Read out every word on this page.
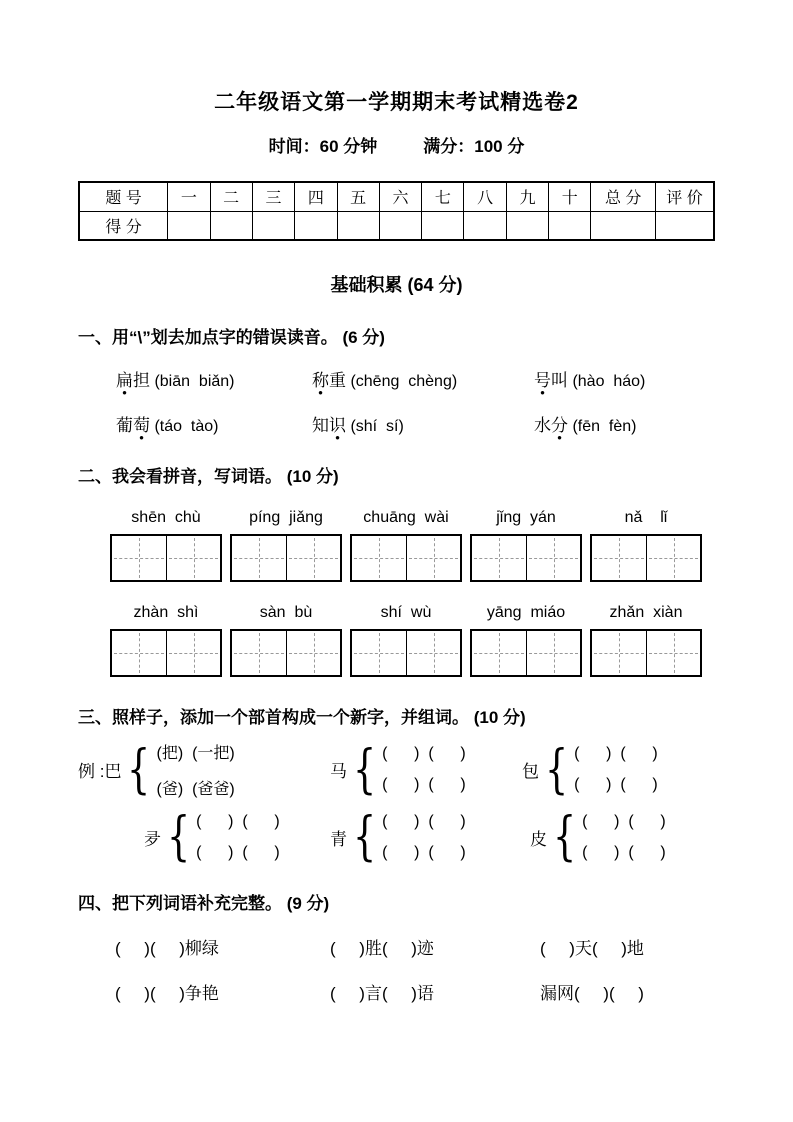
二年级语文第一学期期末考试精选卷2
时间：60 分钟	满分：100 分
题 号	一	二	三	四	五	六	七	八	九	十	总 分	评 价
得 分												
基础积累 (64 分)
一、用“\”划去加点字的错误读音。 (6 分)
扁担 (biān  biǎn)	称重 (chēng  chèng)	号叫 (hào  háo)
葡萄 (táo  tào)	知识 (shí  sí)	水分 (fēn  fèn)
二、我会看拼音，写词语。 (10 分)
shēn  chù	píng  jiǎng	chuāng  wài	jǐng  yán	nǎ    lǐ
zhàn  shì	sàn  bù	shí  wù	yāng  miáo	zhǎn  xiàn
三、照样子，添加一个部首构成一个新字，并组词。 (10 分)
例 :巴 { (把)  (一把)
(爸)  (爸爸)
马 { (      )  (      )
(      )  (      )
包 { (      )  (      )
(      )  (      )
夛 { (      )  (      )
(      )  (      )
青 { (      )  (      )
(      )  (      )
皮 { (      )  (      )
(      )  (      )
四、把下列词语补充完整。 (9 分)
(     )(     )柳绿	(     )胜(     )迹	(     )天(     )地
(     )(     )争艳	(     )言(     )语	漏网(     )(     )
